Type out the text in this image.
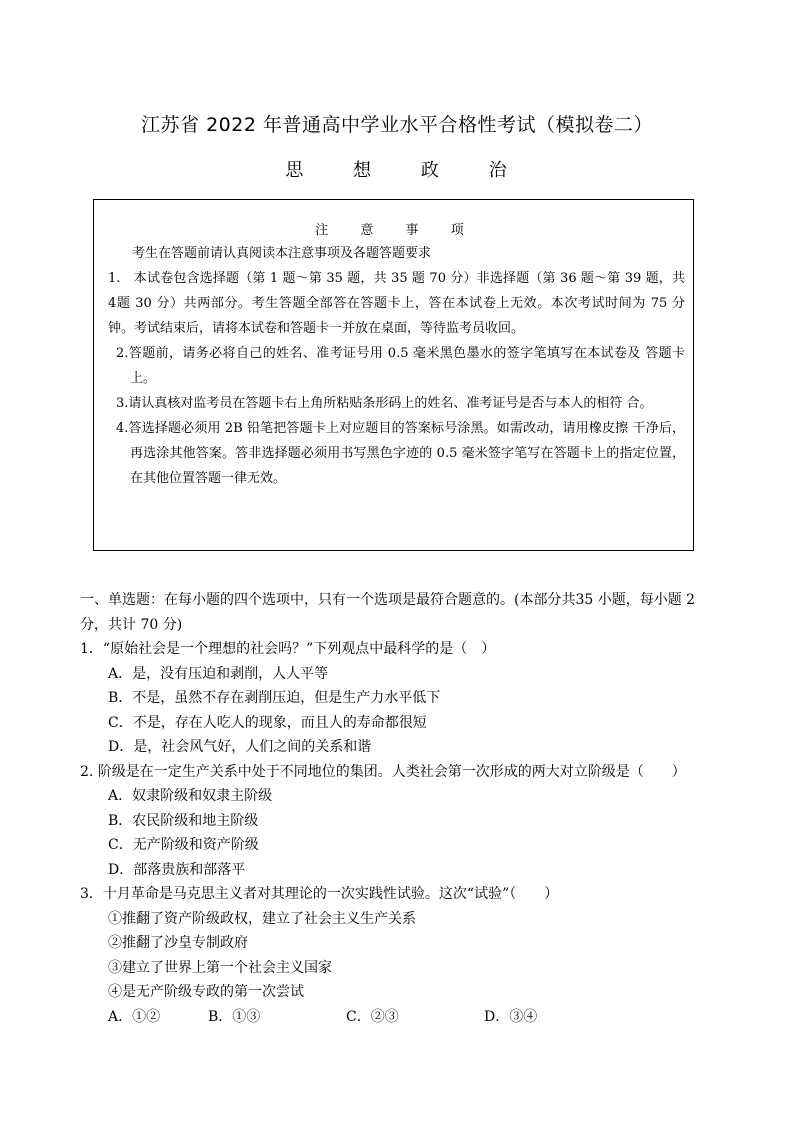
江苏省 2022 年普通高中学业水平合格性考试（模拟卷二）
思 想 政 治
注 意 事 项
考生在答题前请认真阅读本注意事项及各题答题要求
1.　本试卷包含选择题（第 1 题～第 35 题，共 35 题 70 分）非选择题（第 36 题～第 39 题，共 4题 30 分）共两部分。考生答题全部答在答题卡上，答在本试卷上无效。本次考试时间为 75 分钟。考试结束后，请将本试卷和答题卡一并放在桌面，等待监考员收回。
2.答题前，请务必将自己的姓名、准考证号用 0.5 毫米黑色墨水的签字笔填写在本试卷及 答题卡上。
3.请认真核对监考员在答题卡右上角所粘贴条形码上的姓名、准考证号是否与本人的相符 合。
4.答选择题必须用 2B 铅笔把答题卡上对应题目的答案标号涂黑。如需改动，请用橡皮擦 干净后，再选涂其他答案。答非选择题必须用书写黑色字迹的 0.5 毫米签字笔写在答题卡上的指定位置，在其他位置答题一律无效。
一、单选题：在每小题的四个选项中，只有一个选项是最符合题意的。(本部分共35 小题，每小题 2 分，共计 70 分)
1．“原始社会是一个理想的社会吗？”下列观点中最科学的是（　）
A．是，没有压迫和剥削，人人平等
B．不是，虽然不存在剥削压迫，但是生产力水平低下
C．不是，存在人吃人的现象，而且人的寿命都很短
D．是，社会风气好，人们之间的关系和谐
2. 阶级是在一定生产关系中处于不同地位的集团。人类社会第一次形成的两大对立阶级是（　　）
A．奴隶阶级和奴隶主阶级
B．农民阶级和地主阶级
C．无产阶级和资产阶级
D．部落贵族和部落平
3．十月革命是马克思主义者对其理论的一次实践性试验。这次“试验”（　　）
①推翻了资产阶级政权，建立了社会主义生产关系
②推翻了沙皇专制政府
③建立了世界上第一个社会主义国家
④是无产阶级专政的第一次尝试
A．①②	B．①③	C．②③	D．③④
